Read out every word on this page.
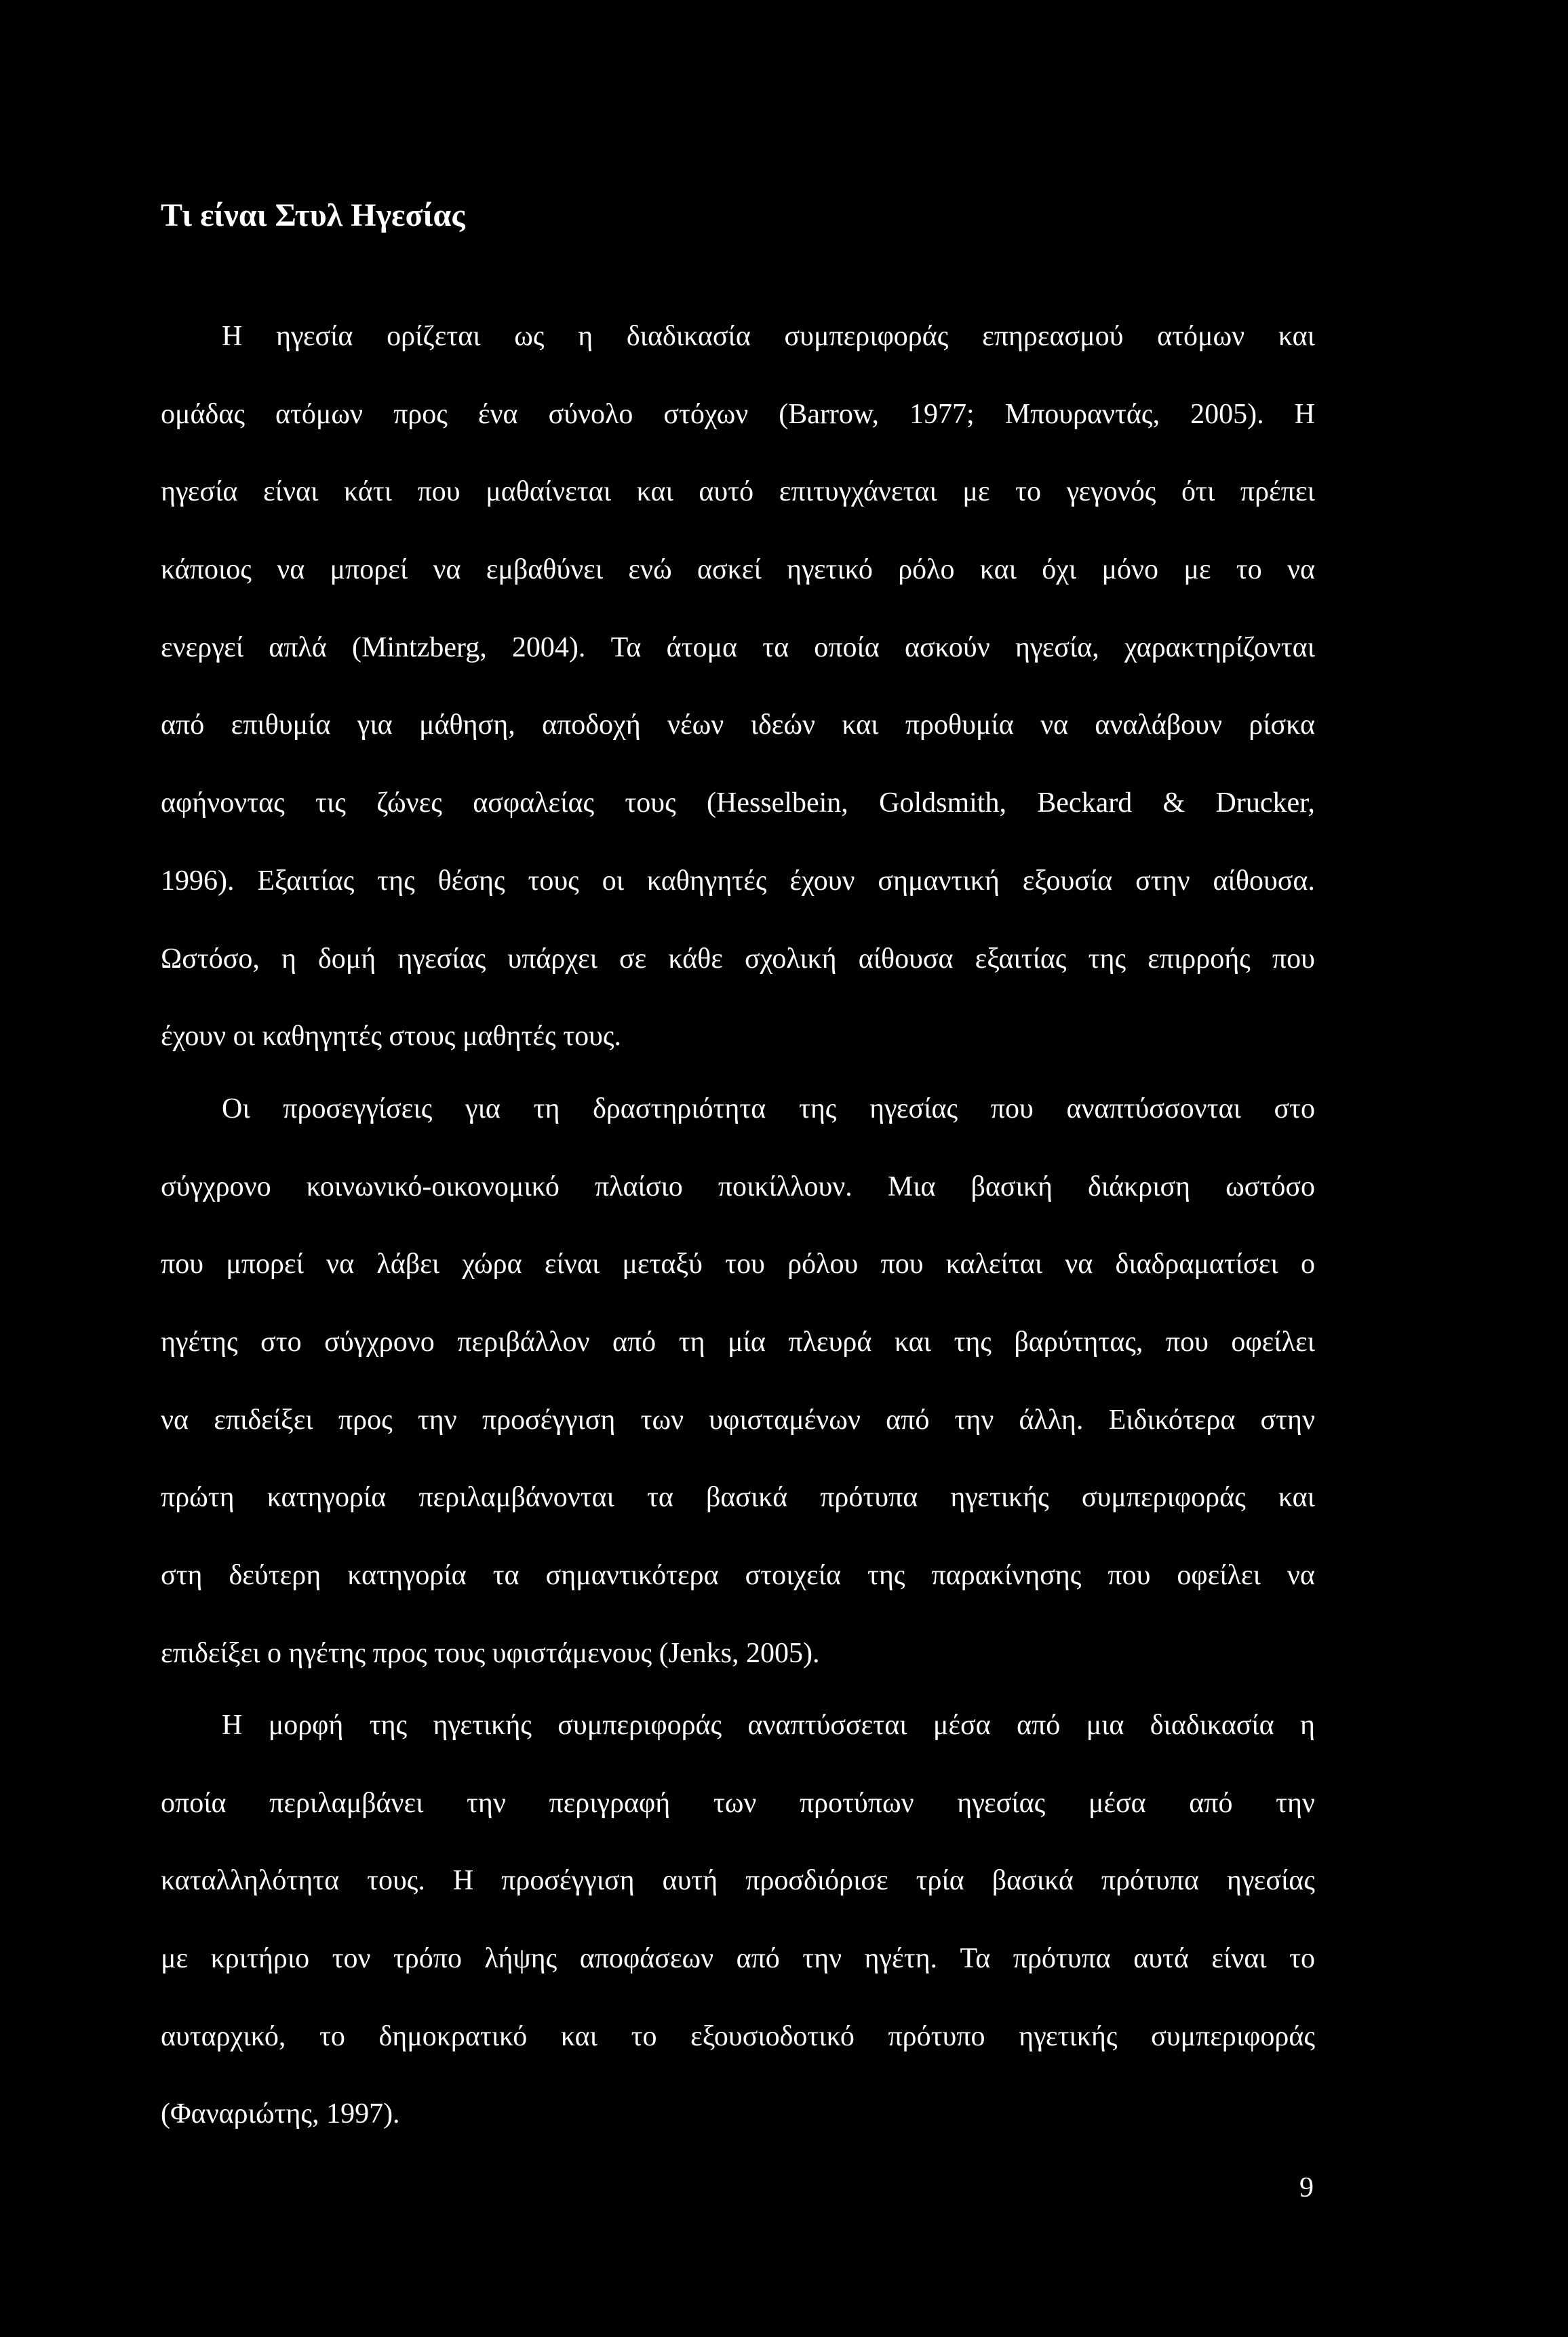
Τι είναι Στυλ Ηγεσίας
Η ηγεσία ορίζεται ως η διαδικασία συμπεριφοράς επηρεασμού ατόμων και
ομάδας ατόμων προς ένα σύνολο στόχων (Barrow, 1977; Μπουραντάς, 2005). Η
ηγεσία είναι κάτι που μαθαίνεται και αυτό επιτυγχάνεται με το γεγονός ότι πρέπει
κάποιος να μπορεί να εμβαθύνει ενώ ασκεί ηγετικό ρόλο και όχι μόνο με το να
ενεργεί απλά (Mintzberg, 2004). Τα άτομα τα οποία ασκούν ηγεσία, χαρακτηρίζονται
από επιθυμία για μάθηση, αποδοχή νέων ιδεών και προθυμία να αναλάβουν ρίσκα
αφήνοντας τις ζώνες ασφαλείας τους (Hesselbein, Goldsmith, Beckard & Drucker,
1996). Εξαιτίας της θέσης τους οι καθηγητές έχουν σημαντική εξουσία στην αίθουσα.
Ωστόσο, η δομή ηγεσίας υπάρχει σε κάθε σχολική αίθουσα εξαιτίας της επιρροής που
έχουν οι καθηγητές στους μαθητές τους.
Οι προσεγγίσεις για τη δραστηριότητα της ηγεσίας που αναπτύσσονται στο
σύγχρονο κοινωνικό-οικονομικό πλαίσιο ποικίλλουν. Μια βασική διάκριση ωστόσο
που μπορεί να λάβει χώρα είναι μεταξύ του ρόλου που καλείται να διαδραματίσει ο
ηγέτης στο σύγχρονο περιβάλλον από τη μία πλευρά και της βαρύτητας, που οφείλει
να επιδείξει προς την προσέγγιση των υφισταμένων από την άλλη. Ειδικότερα στην
πρώτη κατηγορία περιλαμβάνονται τα βασικά πρότυπα ηγετικής συμπεριφοράς και
στη δεύτερη κατηγορία τα σημαντικότερα στοιχεία της παρακίνησης που οφείλει να
επιδείξει ο ηγέτης προς τους υφιστάμενους (Jenks, 2005).
Η μορφή της ηγετικής συμπεριφοράς αναπτύσσεται μέσα από μια διαδικασία η
οποία περιλαμβάνει την περιγραφή των προτύπων ηγεσίας μέσα από την
καταλληλότητα τους. Η προσέγγιση αυτή προσδιόρισε τρία βασικά πρότυπα ηγεσίας
με κριτήριο τον τρόπο λήψης αποφάσεων από την ηγέτη. Τα πρότυπα αυτά είναι το
αυταρχικό, το δημοκρατικό και το εξουσιοδοτικό πρότυπο ηγετικής συμπεριφοράς
(Φαναριώτης, 1997).
9
